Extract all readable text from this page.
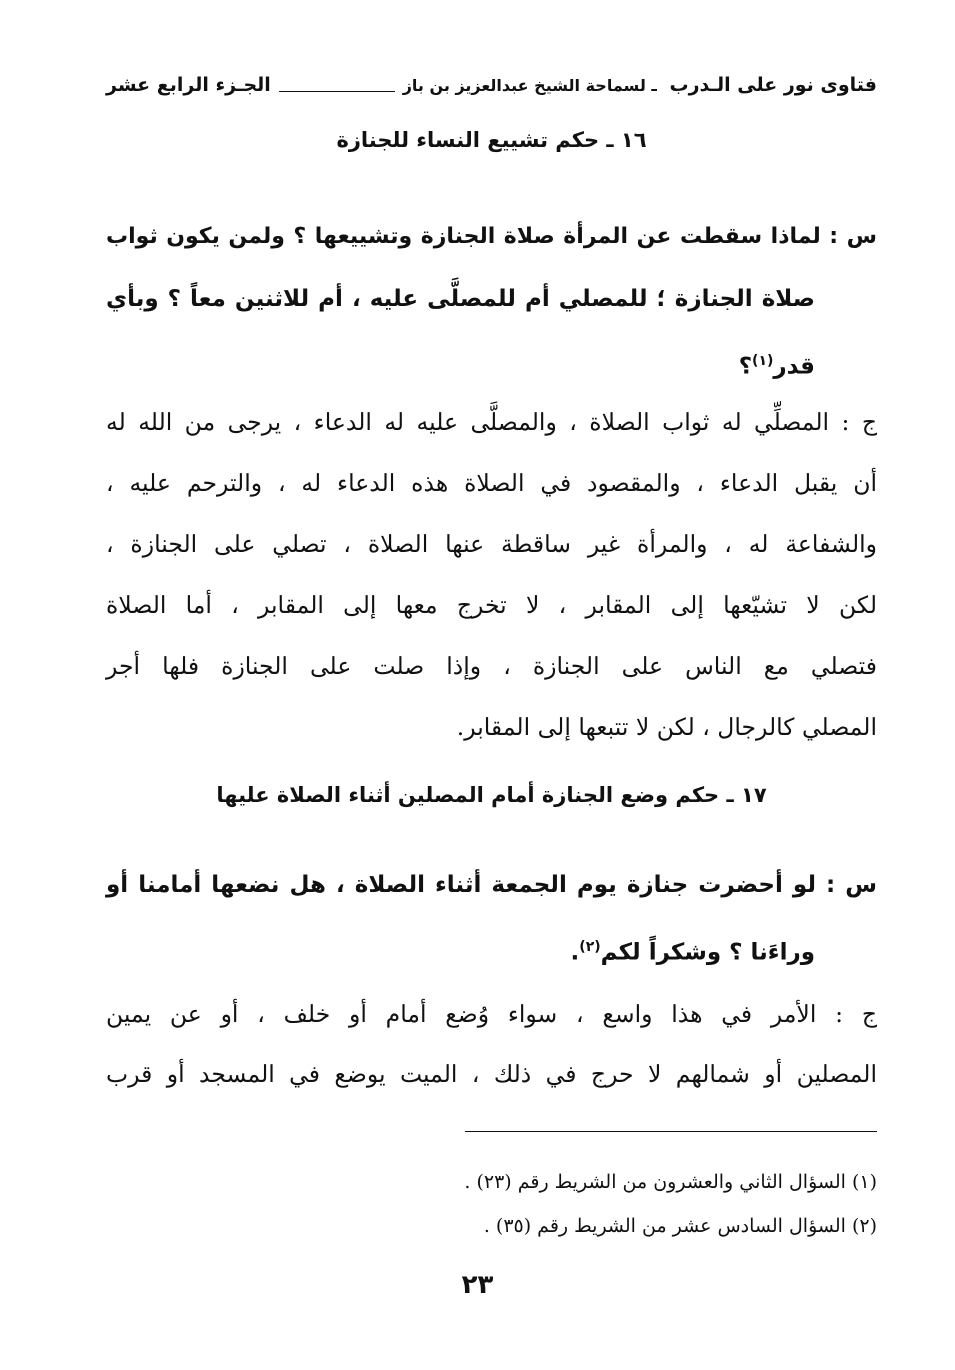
فتاوى نور على الـدرب ـ لسماحة الشيخ عبدالعزيز بن باز
الجـزء الرابع عشر
١٦ ـ حكم تشييع النساء للجنازة
س : لماذا سقطت عن المرأة صلاة الجنازة وتشييعها ؟ ولمن يكون ثواب
صلاة الجنازة ؛ للمصلي أم للمصلَّى عليه ، أم للاثنين معاً ؟ وبأي
قدر$^{(١)}$؟
ج : المصلِّي له ثواب الصلاة ، والمصلَّى عليه له الدعاء ، يرجى من الله له
أن يقبل الدعاء ، والمقصود في الصلاة هذه الدعاء له ، والترحم عليه ،
والشفاعة له ، والمرأة غير ساقطة عنها الصلاة ، تصلي على الجنازة ،
لكن لا تشيّعها إلى المقابر ، لا تخرج معها إلى المقابر ، أما الصلاة
فتصلي مع الناس على الجنازة ، وإذا صلت على الجنازة فلها أجر
المصلي كالرجال ، لكن لا تتبعها إلى المقابر.
١٧ ـ حكم وضع الجنازة أمام المصلين أثناء الصلاة عليها
س : لو أحضرت جنازة يوم الجمعة أثناء الصلاة ، هل نضعها أمامنا أو
وراءَنا ؟ وشكراً لكم$^{(٢)}$.
ج : الأمر في هذا واسع ، سواء وُضع أمام أو خلف ، أو عن يمين
المصلين أو شمالهم لا حرج في ذلك ، الميت يوضع في المسجد أو قرب
(١) السؤال الثاني والعشرون من الشريط رقم (٢٣) .
(٢) السؤال السادس عشر من الشريط رقم (٣٥) .
٢٣
